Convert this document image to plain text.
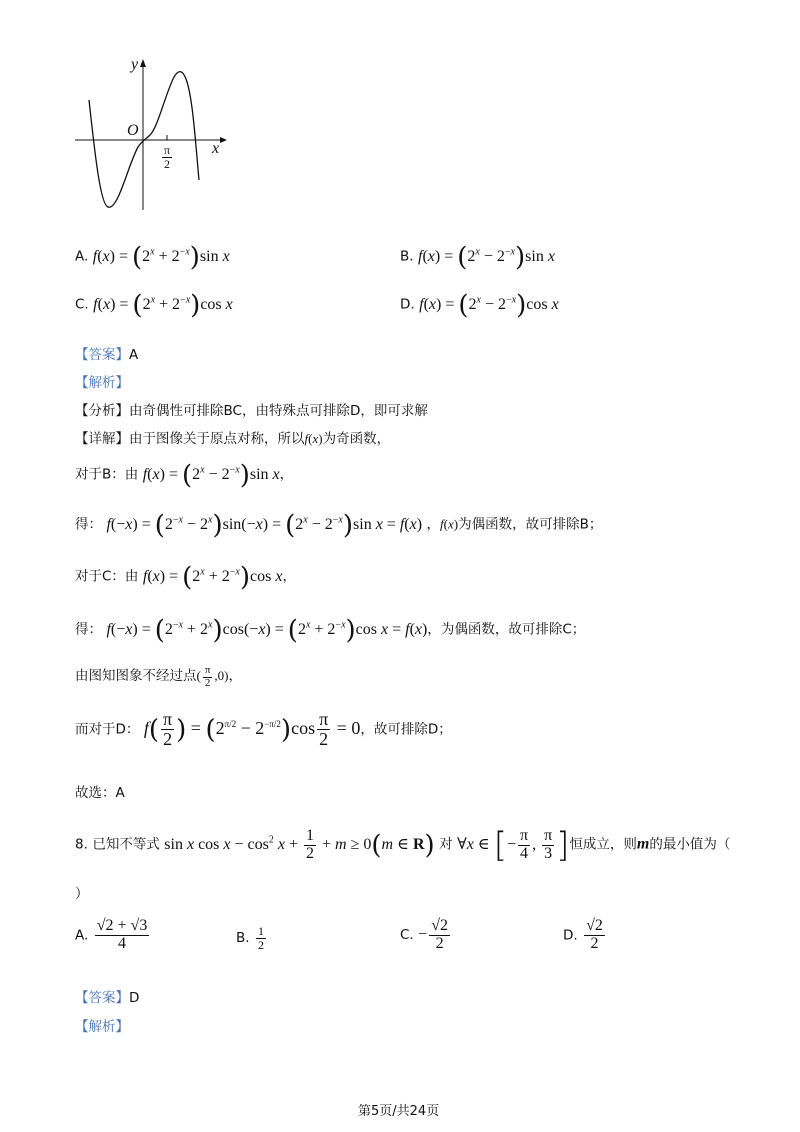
y
x
O
$\frac{\pi}{2}$
A. $f(x) = (2^x + 2^{-x})\sin$ x	B. $f(x) = (2^x - 2^{-x})\sin$ x
C. $f(x) = (2^x + 2^{-x})\cos$ x	D. $f(x) = (2^x - 2^{-x})\cos$ x
【答案】A
【解析】
【分析】由奇偶性可排除BC，由特殊点可排除D，即可求解
【详解】由于图像关于原点对称，所以f(x)为奇函数，
对于B：由 $f(x) = (2^x - 2^{-x})\sin$ x，
得： $f(-x) = (2^{-x} - 2^x)\sin(-x) = (2^x - 2^{-x})\sin$ x = f(x) ，f(x)为偶函数，故可排除B；
对于C：由 $f(x) = (2^x + 2^{-x})\cos$ x，
得： $f(-x) = (2^{-x} + 2^x)\cos(-x) = (2^x + 2^{-x})\cos$ x = f(x)，为偶函数，故可排除C；
由图知图象不经过点( $\frac{\pi}{2} ,0$)，
而对于D： $f( \frac{\pi}{2}$ ) = $(2^{\pi/2} - 2^{-\pi/2})\cos \frac{\pi}{2} = 0$，故可排除D；
故选：A
8. 已知不等式 sin x $\cos x - \cos^2 x + \frac{1}{2} + m \ge 0(m$ ∈ R) 对 ∀x ∈ [− $\frac{\pi}{4}$ , $\frac{\pi}{3}$ ]恒成立，则m的最小值为（
）
A. $\frac{√2 + √3}{4}$	B. $\frac{1}{2}$	C. − $\frac{√2}{2}$	D. $\frac{√2}{2}$
【答案】D
【解析】
第5页/共24页
